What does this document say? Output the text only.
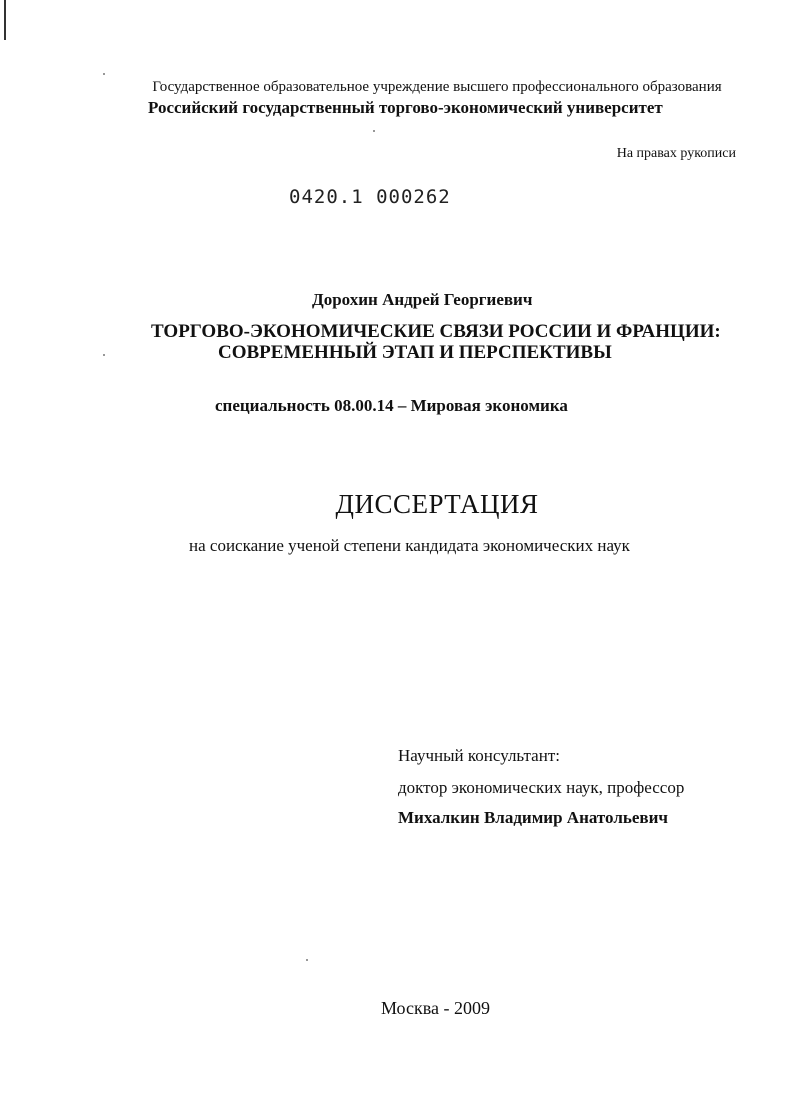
Государственное образовательное учреждение высшего профессионального образования
Российский государственный торгово-экономический университет
На правах рукописи
0420.1 000262
Дорохин Андрей Георгиевич
ТОРГОВО-ЭКОНОМИЧЕСКИЕ СВЯЗИ РОССИИ И ФРАНЦИИ:
СОВРЕМЕННЫЙ ЭТАП И ПЕРСПЕКТИВЫ
специальность 08.00.14 – Мировая экономика
ДИССЕРТАЦИЯ
на соискание ученой степени кандидата экономических наук
Научный консультант:
доктор экономических наук, профессор
Михалкин Владимир Анатольевич
Москва - 2009
